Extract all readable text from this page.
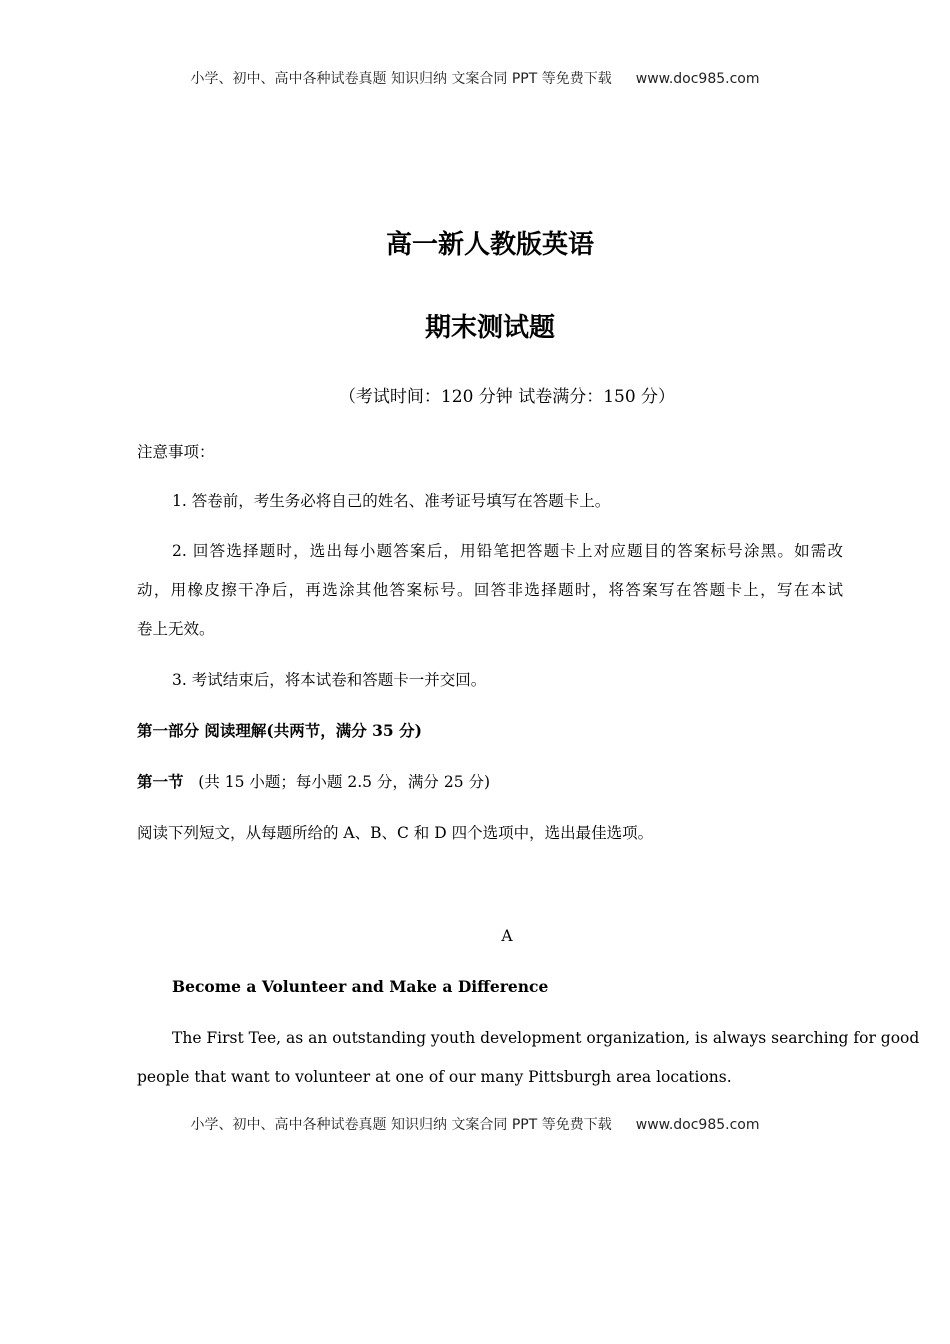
小学、初中、高中各种试卷真题 知识归纳 文案合同 PPT 等免费下载 www.doc985.com
高一新人教版英语
期末测试题
（考试时间：120 分钟 试卷满分：150 分）
注意事项：
1. 答卷前，考生务必将自己的姓名、准考证号填写在答题卡上。
2. 回答选择题时，选出每小题答案后，用铅笔把答题卡上对应题目的答案标号涂黑。如需改
动，用橡皮擦干净后，再选涂其他答案标号。回答非选择题时，将答案写在答题卡上，写在本试
卷上无效。
3. 考试结束后，将本试卷和答题卡一并交回。
第一部分 阅读理解(共两节，满分 35 分)
第一节 (共 15 小题；每小题 2.5 分，满分 25 分)
阅读下列短文，从每题所给的 A、B、C 和 D 四个选项中，选出最佳选项。
A
Become a Volunteer and Make a Difference
The First Tee, as an outstanding youth development organization, is always searching for good
people that want to volunteer at one of our many Pittsburgh area locations.
小学、初中、高中各种试卷真题 知识归纳 文案合同 PPT 等免费下载 www.doc985.com
